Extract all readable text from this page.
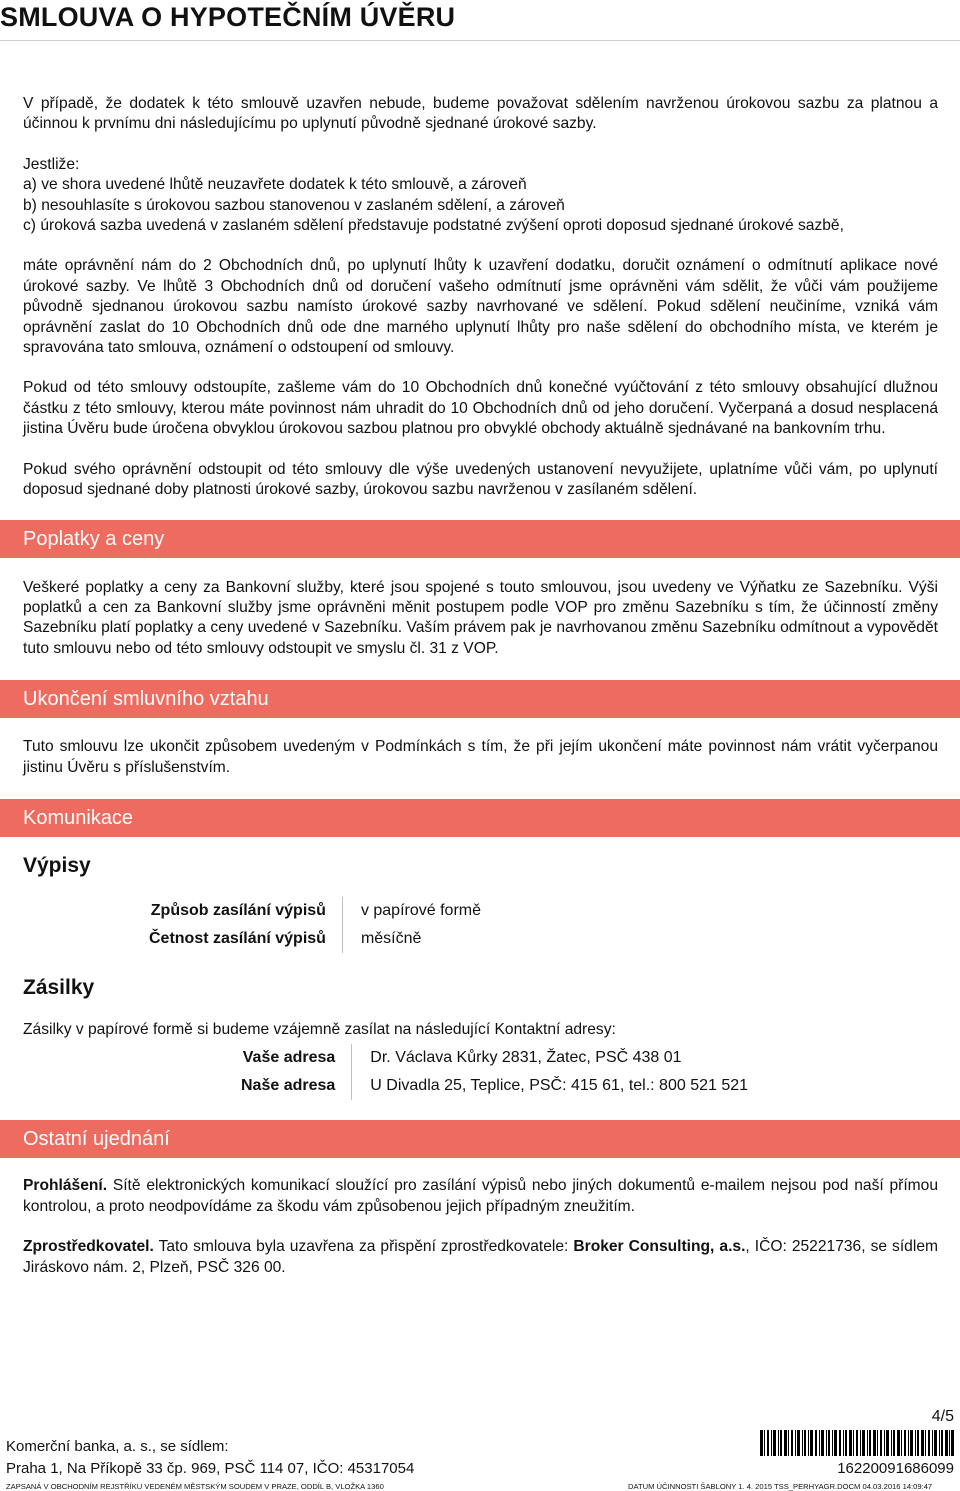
SMLOUVA O HYPOTEČNÍM ÚVĚRU

V případě, že dodatek k této smlouvě uzavřen nebude, budeme považovat sdělením navrženou úrokovou sazbu za platnou a účinnou k prvnímu dni následujícímu po uplynutí původně sjednané úrokové sazby.

Jestliže:

a) ve shora uvedené lhůtě neuzavřete dodatek k této smlouvě, a zároveň

b) nesouhlasíte s úrokovou sazbou stanovenou v zaslaném sdělení, a zároveň

c) úroková sazba uvedená v zaslaném sdělení představuje podstatné zvýšení oproti doposud sjednané úrokové sazbě,

máte oprávnění nám do 2 Obchodních dnů, po uplynutí lhůty k uzavření dodatku, doručit oznámení o odmítnutí aplikace nové úrokové sazby. Ve lhůtě 3 Obchodních dnů od doručení vašeho odmítnutí jsme oprávněni vám sdělit, že vůči vám použijeme původně sjednanou úrokovou sazbu namísto úrokové sazby navrhované ve sdělení. Pokud sdělení neučiníme, vzniká vám oprávnění zaslat do 10 Obchodních dnů ode dne marného uplynutí lhůty pro naše sdělení do obchodního místa, ve kterém je spravována tato smlouva, oznámení o odstoupení od smlouvy.

Pokud od této smlouvy odstoupíte, zašleme vám do 10 Obchodních dnů konečné vyúčtování z této smlouvy obsahující dlužnou částku z této smlouvy, kterou máte povinnost nám uhradit do 10 Obchodních dnů od jeho doručení. Vyčerpaná a dosud nesplacená jistina Úvěru bude úročena obvyklou úrokovou sazbou platnou pro obvyklé obchody aktuálně sjednávané na bankovním trhu.

Pokud svého oprávnění odstoupit od této smlouvy dle výše uvedených ustanovení nevyužijete, uplatníme vůči vám, po uplynutí doposud sjednané doby platnosti úrokové sazby, úrokovou sazbu navrženou v zasílaném sdělení.

Poplatky a ceny

Veškeré poplatky a ceny za Bankovní služby, které jsou spojené s touto smlouvou, jsou uvedeny ve Výňatku ze Sazebníku. Výši poplatků a cen za Bankovní služby jsme oprávněni měnit postupem podle VOP pro změnu Sazebníku s tím, že účinností změny Sazebníku platí poplatky a ceny uvedené v Sazebníku. Vaším právem pak je navrhovanou změnu Sazebníku odmítnout a vypovědět tuto smlouvu nebo od této smlouvy odstoupit ve smyslu čl. 31 z VOP.

Ukončení smluvního vztahu

Tuto smlouvu lze ukončit způsobem uvedeným v Podmínkách s tím, že při jejím ukončení máte povinnost nám vrátit vyčerpanou jistinu Úvěru s příslušenstvím.

Komunikace
Výpisy
Způsob zasílání výpisů	v papírové formě
Četnost zasílání výpisů	měsíčně
Zásilky

Zásilky v papírové formě si budeme vzájemně zasílat na následující Kontaktní adresy:

Vaše adresa	Dr. Václava Kůrky 2831, Žatec, PSČ 438 01
Naše adresa	U Divadla 25, Teplice, PSČ: 415 61, tel.: 800 521 521
Ostatní ujednání

Prohlášení. Sítě elektronických komunikací sloužící pro zasílání výpisů nebo jiných dokumentů e-mailem nejsou pod naší přímou kontrolou, a proto neodpovídáme za škodu vám způsobenou jejich případným zneužitím.

Zprostředkovatel. Tato smlouva byla uzavřena za přispění zprostředkovatele: Broker Consulting, a.s., IČO: 25221736, se sídlem Jiráskovo nám. 2, Plzeň, PSČ 326 00.

4/5
Komerční banka, a. s., se sídlem:
Praha 1, Na Příkopě 33 čp. 969, PSČ 114 07, IČO: 45317054	16220091686099
ZAPSANÁ V OBCHODNÍM REJSTŘÍKU VEDENÉM MĚSTSKÝM SOUDEM V PRAZE, ODDÍL B, VLOŽKA 1360	DATUM ÚČINNOSTI ŠABLONY 1. 4. 2015 TSS_PERHYAGR.DOCM 04.03.2016 14:09:47
